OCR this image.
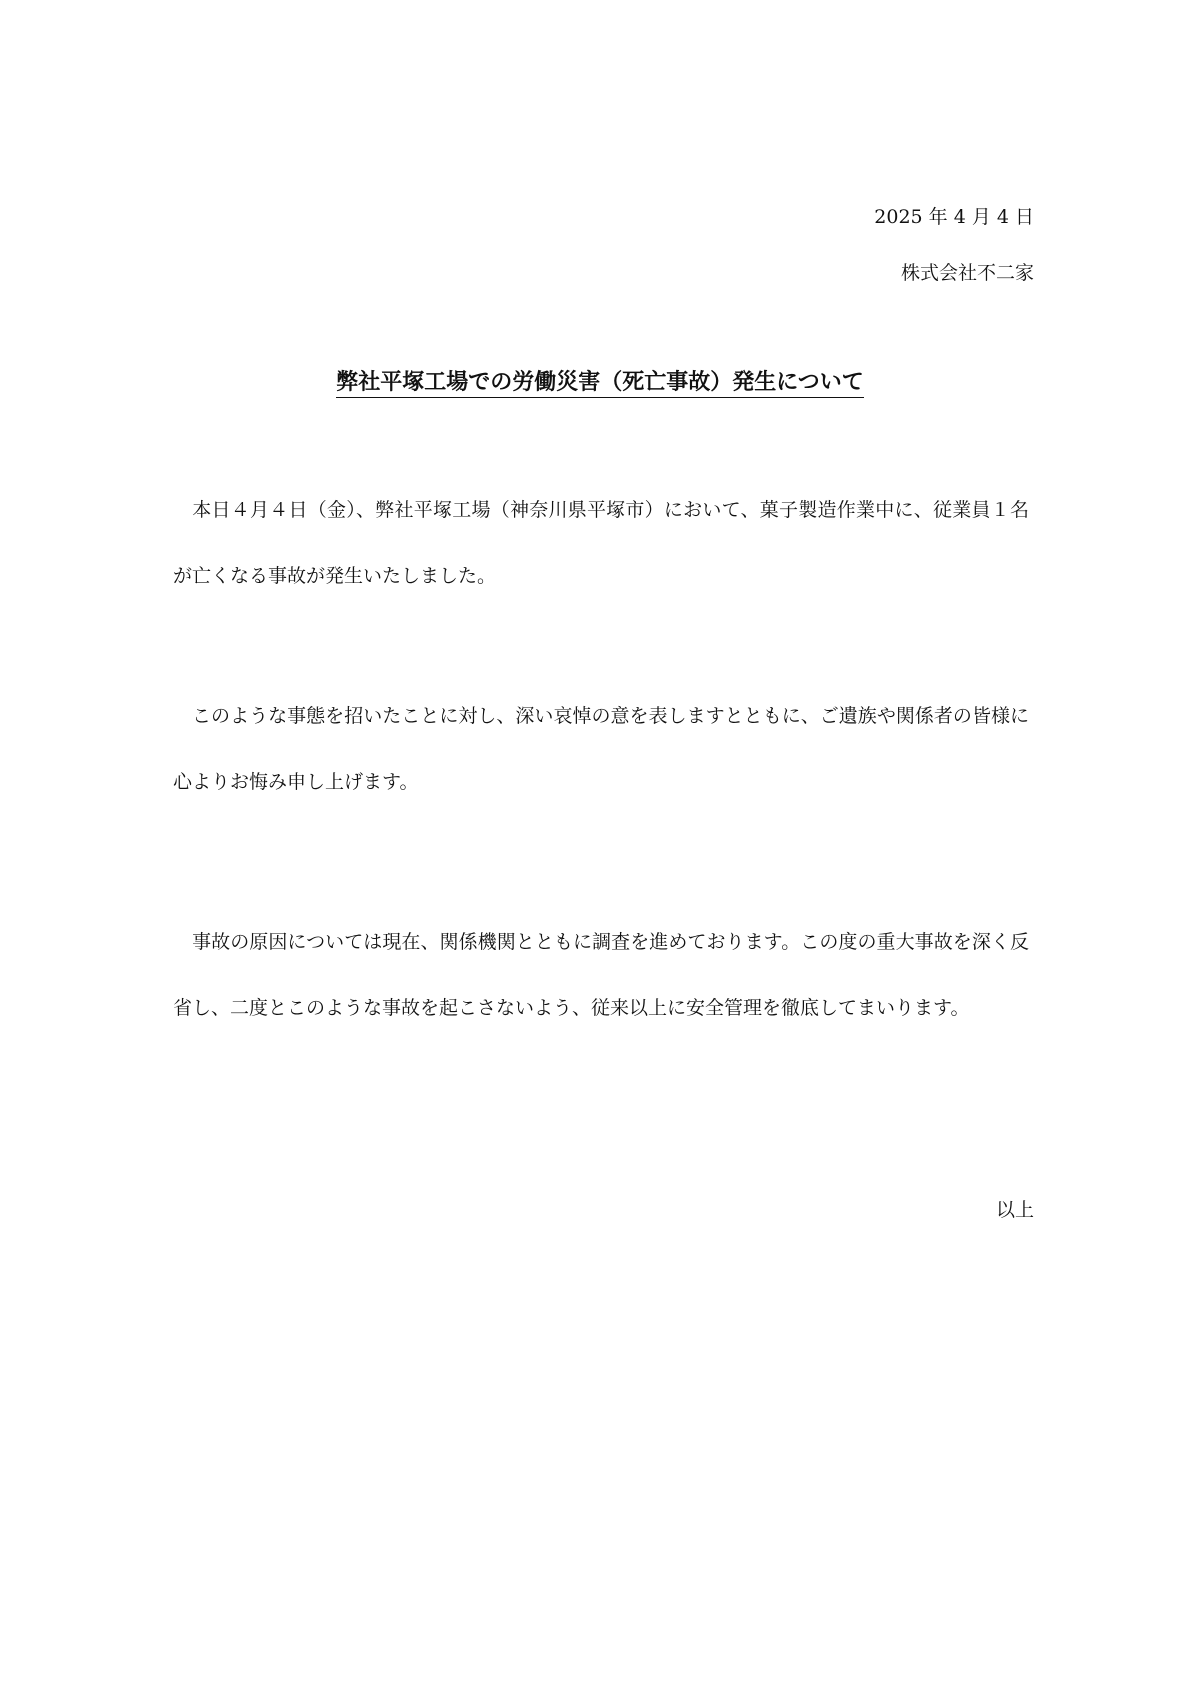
2025 年 4 月 4 日
株式会社不二家
弊社平塚工場での労働災害（死亡事故）発生について

　本日４月４日（金）、弊社平塚工場（神奈川県平塚市）において、菓子製造作業中に、従業員１名が亡くなる事故が発生いたしました。

　このような事態を招いたことに対し、深い哀悼の意を表しますとともに、ご遺族や関係者の皆様に心よりお悔み申し上げます。

　事故の原因については現在、関係機関とともに調査を進めております。この度の重大事故を深く反省し、二度とこのような事故を起こさないよう、従来以上に安全管理を徹底してまいります。

以上
